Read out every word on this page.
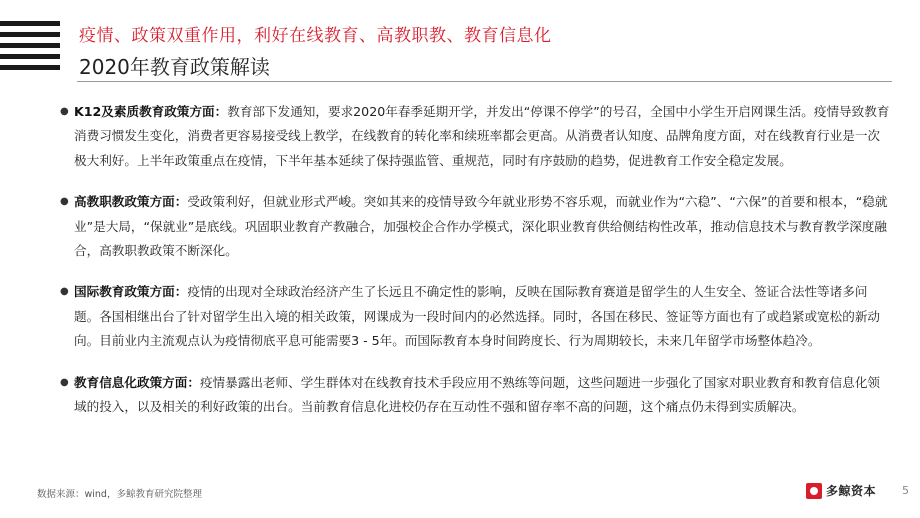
疫情、政策双重作用，利好在线教育、高教职教、教育信息化
2020年教育政策解读
● K12及素质教育政策方面：教育部下发通知，要求2020年春季延期开学，并发出“停课不停学”的号召，全国中小学生开启网课生活。疫情导致教育消费习惯发生变化，消费者更容易接受线上教学，在线教育的转化率和续班率都会更高。从消费者认知度、品牌角度方面，对在线教育行业是一次极大利好。上半年政策重点在疫情，下半年基本延续了保持强监管、重规范，同时有序鼓励的趋势，促进教育工作安全稳定发展。
● 高教职教政策方面：受政策利好，但就业形式严峻。突如其来的疫情导致今年就业形势不容乐观，而就业作为“六稳”、“六保”的首要和根本，“稳就业”是大局，“保就业”是底线。巩固职业教育产教融合，加强校企合作办学模式，深化职业教育供给侧结构性改革，推动信息技术与教育教学深度融合，高教职教政策不断深化。
● 国际教育政策方面：疫情的出现对全球政治经济产生了长远且不确定性的影响，反映在国际教育赛道是留学生的人生安全、签证合法性等诸多问题。各国相继出台了针对留学生出入境的相关政策，网课成为一段时间内的必然选择。同时，各国在移民、签证等方面也有了或趋紧或宽松的新动向。目前业内主流观点认为疫情彻底平息可能需要3 - 5年。而国际教育本身时间跨度长、行为周期较长，未来几年留学市场整体趋冷。
● 教育信息化政策方面：疫情暴露出老师、学生群体对在线教育技术手段应用不熟练等问题，这些问题进一步强化了国家对职业教育和教育信息化领域的投入，以及相关的利好政策的出台。当前教育信息化进校仍存在互动性不强和留存率不高的问题，这个痛点仍未得到实质解决。
数据来源：wind，多鲸教育研究院整理	多鲸资本 5
